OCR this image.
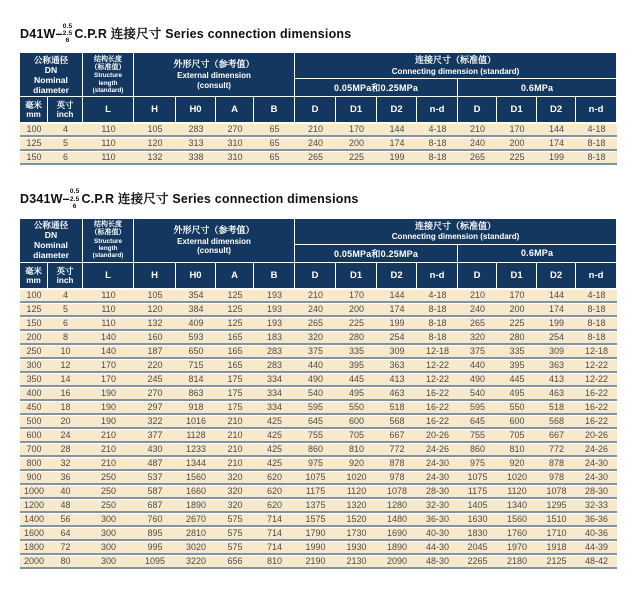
D41W–
0.5
2.5
6 C.P.R 连接尺寸 Series connection dimensions
公称通径
DN
Nominal
diameter		结构长度
（标准值）
Structure
length
(standard)	外形尺寸（参考值）
External dimension
(consult)				连接尺寸（标准值）
Connecting dimension (standard)							

							0.05MPa和0.25MPa				0.6MPa			

毫米
mm	英寸
inch	L	H	H0	A	B	D	D1	D2	n-d	D	D1	D2	n-d
100	4	110	105	283	270	65	210	170	144	4-18	210	170	144	4-18
125	5	110	120	313	310	65	240	200	174	8-18	240	200	174	8-18
150	6	110	132	338	310	65	265	225	199	8-18	265	225	199	8-18
D341W–
0.5
2.5
6 C.P.R 连接尺寸 Series connection dimensions
公称通径
DN
Nominal
diameter		结构长度
（标准值）
Structure
length
(standard)	外形尺寸（参考值）
External dimension
(consult)				连接尺寸（标准值）
Connecting dimension (standard)							

							0.05MPa和0.25MPa				0.6MPa			

毫米
mm	英寸
inch	L	H	H0	A	B	D	D1	D2	n-d	D	D1	D2	n-d
100	4	110	105	354	125	193	210	170	144	4-18	210	170	144	4-18
125	5	110	120	384	125	193	240	200	174	8-18	240	200	174	8-18
150	6	110	132	409	125	193	265	225	199	8-18	265	225	199	8-18
200	8	140	160	593	165	183	320	280	254	8-18	320	280	254	8-18
250	10	140	187	650	165	283	375	335	309	12-18	375	335	309	12-18
300	12	170	220	715	165	283	440	395	363	12-22	440	395	363	12-22
350	14	170	245	814	175	334	490	445	413	12-22	490	445	413	12-22
400	16	190	270	863	175	334	540	495	463	16-22	540	495	463	16-22
450	18	190	297	918	175	334	595	550	518	16-22	595	550	518	16-22
500	20	190	322	1016	210	425	645	600	568	16-22	645	600	568	16-22
600	24	210	377	1128	210	425	755	705	667	20-26	755	705	667	20-26
700	28	210	430	1233	210	425	860	810	772	24-26	860	810	772	24-26
800	32	210	487	1344	210	425	975	920	878	24-30	975	920	878	24-30
900	36	250	537	1560	320	620	1075	1020	978	24-30	1075	1020	978	24-30
1000	40	250	587	1660	320	620	1175	1120	1078	28-30	1175	1120	1078	28-30
1200	48	250	687	1890	320	620	1375	1320	1280	32-30	1405	1340	1295	32-33
1400	56	300	760	2670	575	714	1575	1520	1480	36-30	1630	1560	1510	36-36
1600	64	300	895	2810	575	714	1790	1730	1690	40-30	1830	1760	1710	40-36
1800	72	300	995	3020	575	714	1990	1930	1890	44-30	2045	1970	1918	44-39
2000	80	300	1095	3220	656	810	2190	2130	2090	48-30	2265	2180	2125	48-42
